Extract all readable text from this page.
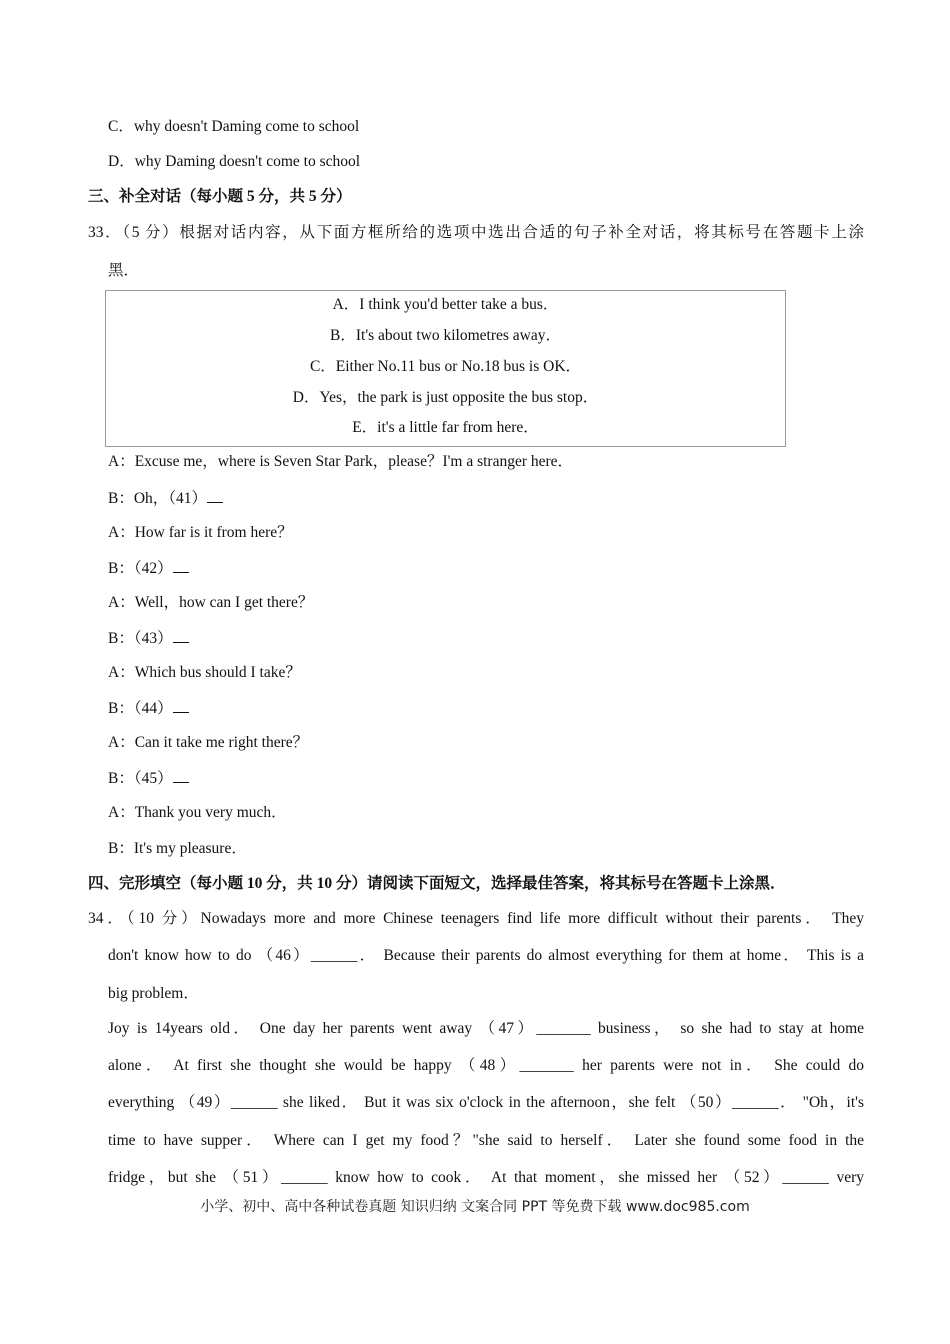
C．why doesn't Daming come to school
D．why Daming doesn't come to school
三、补全对话（每小题 5 分，共 5 分）
33．（5 分）根据对话内容，从下面方框所给的选项中选出合适的句子补全对话，将其标号在答题卡上涂
黑．
A．I think you'd better take a bus．
B．It's about two kilometres away．
C．Either No.11 bus or No.18 bus is OK．
D．Yes，the park is just opposite the bus stop．
E．it's a little far from here．
A：Excuse me，where is Seven Star Park，please？I'm a stranger here．
B：Oh，（41）
A：How far is it from here？
B：（42）
A：Well，how can I get there？
B：（43）
A：Which bus should I take？
B：（44）
A：Can it take me right there？
B：（45）
A：Thank you very much．
B：It's my pleasure．
四、完形填空（每小题 10 分，共 10 分）请阅读下面短文，选择最佳答案，将其标号在答题卡上涂黑．
34．（10 分）Nowadays more and more Chinese teenagers find life more difficult without their parents． They
don't know how to do （46）______． Because their parents do almost everything for them at home． This is a
big problem．
Joy is 14years old． One day her parents went away （47）_______ business， so she had to stay at home
alone． At first she thought she would be happy （48）_______ her parents were not in． She could do
everything （49）______ she liked． But it was six o'clock in the afternoon，she felt （50）______． "Oh，it's
time to have supper． Where can I get my food？"she said to herself． Later she found some food in the
fridge，but she （51）______ know how to cook． At that moment，she missed her （52）______ very
小学、初中、高中各种试卷真题 知识归纳 文案合同 PPT 等免费下载 www.doc985.com
